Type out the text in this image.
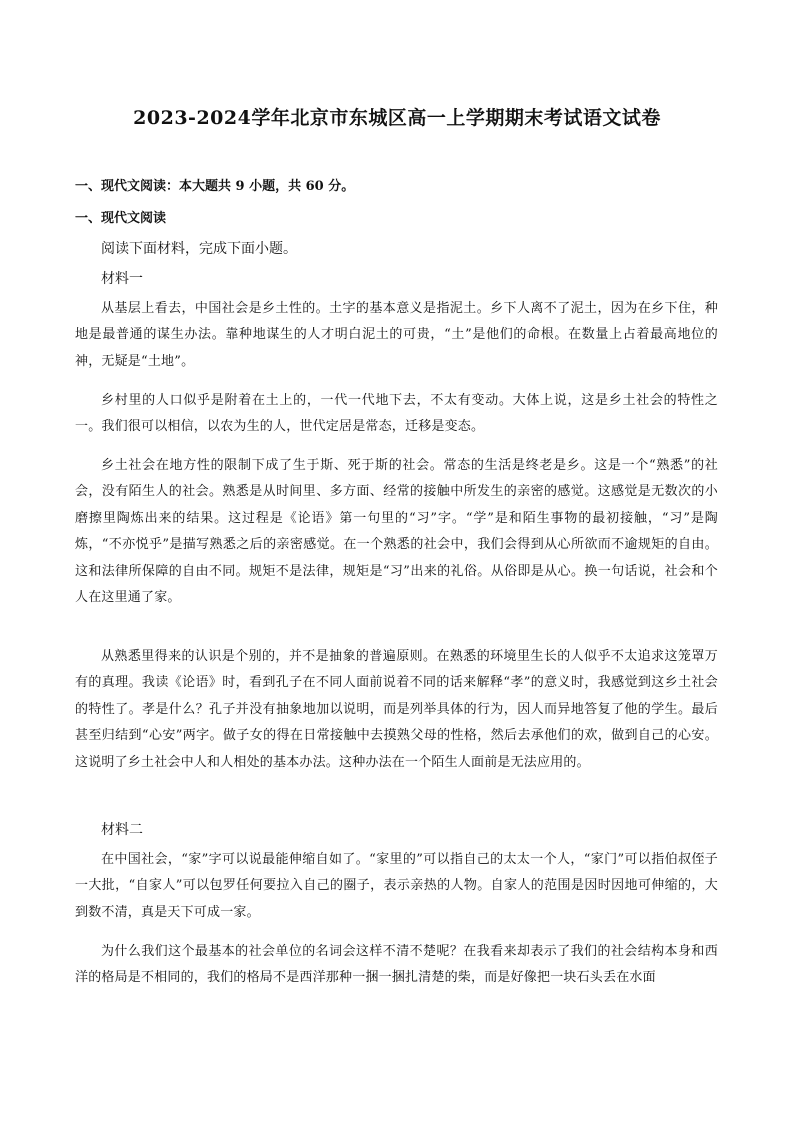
2023-2024学年北京市东城区高一上学期期末考试语文试卷

一、现代文阅读：本大题共 9 小题，共 60 分。

一、现代文阅读

阅读下面材料，完成下面小题。

材料一

从基层上看去，中国社会是乡土性的。土字的基本意义是指泥土。乡下人离不了泥土，因为在乡下住，种地是最普通的谋生办法。靠种地谋生的人才明白泥土的可贵，“土”是他们的命根。在数量上占着最高地位的神，无疑是“土地”。

乡村里的人口似乎是附着在土上的，一代一代地下去，不太有变动。大体上说，这是乡土社会的特性之一。我们很可以相信，以农为生的人，世代定居是常态，迁移是变态。

乡土社会在地方性的限制下成了生于斯、死于斯的社会。常态的生活是终老是乡。这是一个“熟悉”的社会，没有陌生人的社会。熟悉是从时间里、多方面、经常的接触中所发生的亲密的感觉。这感觉是无数次的小磨擦里陶炼出来的结果。这过程是《论语》第一句里的“习”字。“学”是和陌生事物的最初接触，“习”是陶炼，“不亦悦乎”是描写熟悉之后的亲密感觉。在一个熟悉的社会中，我们会得到从心所欲而不逾规矩的自由。这和法律所保障的自由不同。规矩不是法律，规矩是“习”出来的礼俗。从俗即是从心。换一句话说，社会和个人在这里通了家。

从熟悉里得来的认识是个别的，并不是抽象的普遍原则。在熟悉的环境里生长的人似乎不太追求这笼罩万有的真理。我读《论语》时，看到孔子在不同人面前说着不同的话来解释“孝”的意义时，我感觉到这乡土社会的特性了。孝是什么？孔子并没有抽象地加以说明，而是列举具体的行为，因人而异地答复了他的学生。最后甚至归结到“心安”两字。做子女的得在日常接触中去摸熟父母的性格，然后去承他们的欢，做到自己的心安。这说明了乡土社会中人和人相处的基本办法。这种办法在一个陌生人面前是无法应用的。

材料二

在中国社会，“家”字可以说最能伸缩自如了。“家里的”可以指自己的太太一个人，“家门”可以指伯叔侄子一大批，“自家人”可以包罗任何要拉入自己的圈子，表示亲热的人物。自家人的范围是因时因地可伸缩的，大到数不清，真是天下可成一家。

为什么我们这个最基本的社会单位的名词会这样不清不楚呢？在我看来却表示了我们的社会结构本身和西洋的格局是不相同的，我们的格局不是西洋那种一捆一捆扎清楚的柴，而是好像把一块石头丢在水面
